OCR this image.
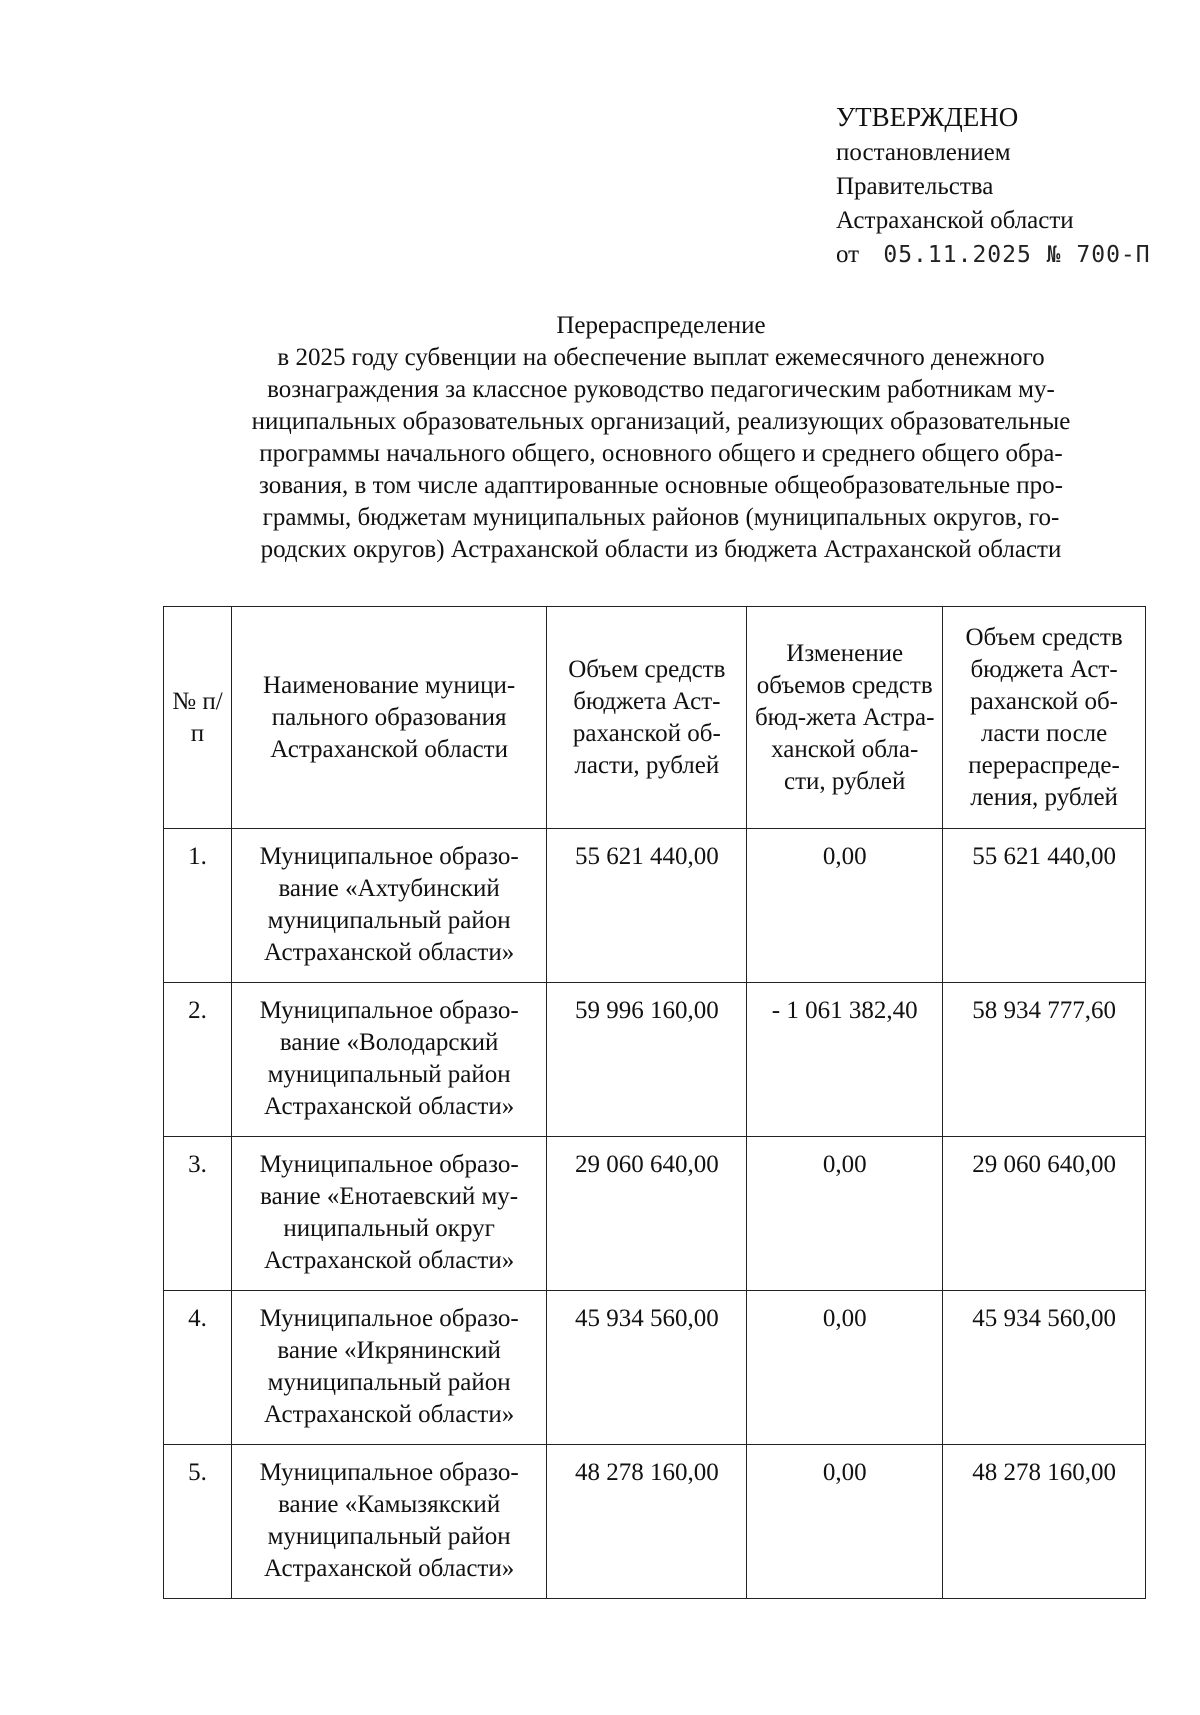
УТВЕРЖДЕНО
постановлением
Правительства
Астраханской области
от 05.11.2025 № 700-П
Перераспределение
в 2025 году субвенции на обеспечение выплат ежемесячного денежного
вознаграждения за классное руководство педагогическим работникам му-
ниципальных образовательных организаций, реализующих образовательные
программы начального общего, основного общего и среднего общего обра-
зования, в том числе адаптированные основные общеобразовательные про-
граммы, бюджетам муниципальных районов (муниципальных округов, го-
родских округов) Астраханской области из бюджета Астраханской области
№ п/п	Наименование муници-пального образования Астраханской области	Объем средств бюджета Аст-раханской об-ласти, рублей	Изменение объемов средств бюд-жета Астра-ханской обла-сти, рублей	Объем средств бюджета Аст-раханской об-ласти после перераспреде-ления, рублей
1.	Муниципальное образо-вание «Ахтубинский муниципальный район Астраханской области»	55 621 440,00	0,00	55 621 440,00
2.	Муниципальное образо-вание «Володарский муниципальный район Астраханской области»	59 996 160,00	- 1 061 382,40	58 934 777,60
3.	Муниципальное образо-вание «Енотаевский му-ниципальный округ Астраханской области»	29 060 640,00	0,00	29 060 640,00
4.	Муниципальное образо-вание «Икрянинский муниципальный район Астраханской области»	45 934 560,00	0,00	45 934 560,00
5.	Муниципальное образо-вание «Камызякский муниципальный район Астраханской области»	48 278 160,00	0,00	48 278 160,00
